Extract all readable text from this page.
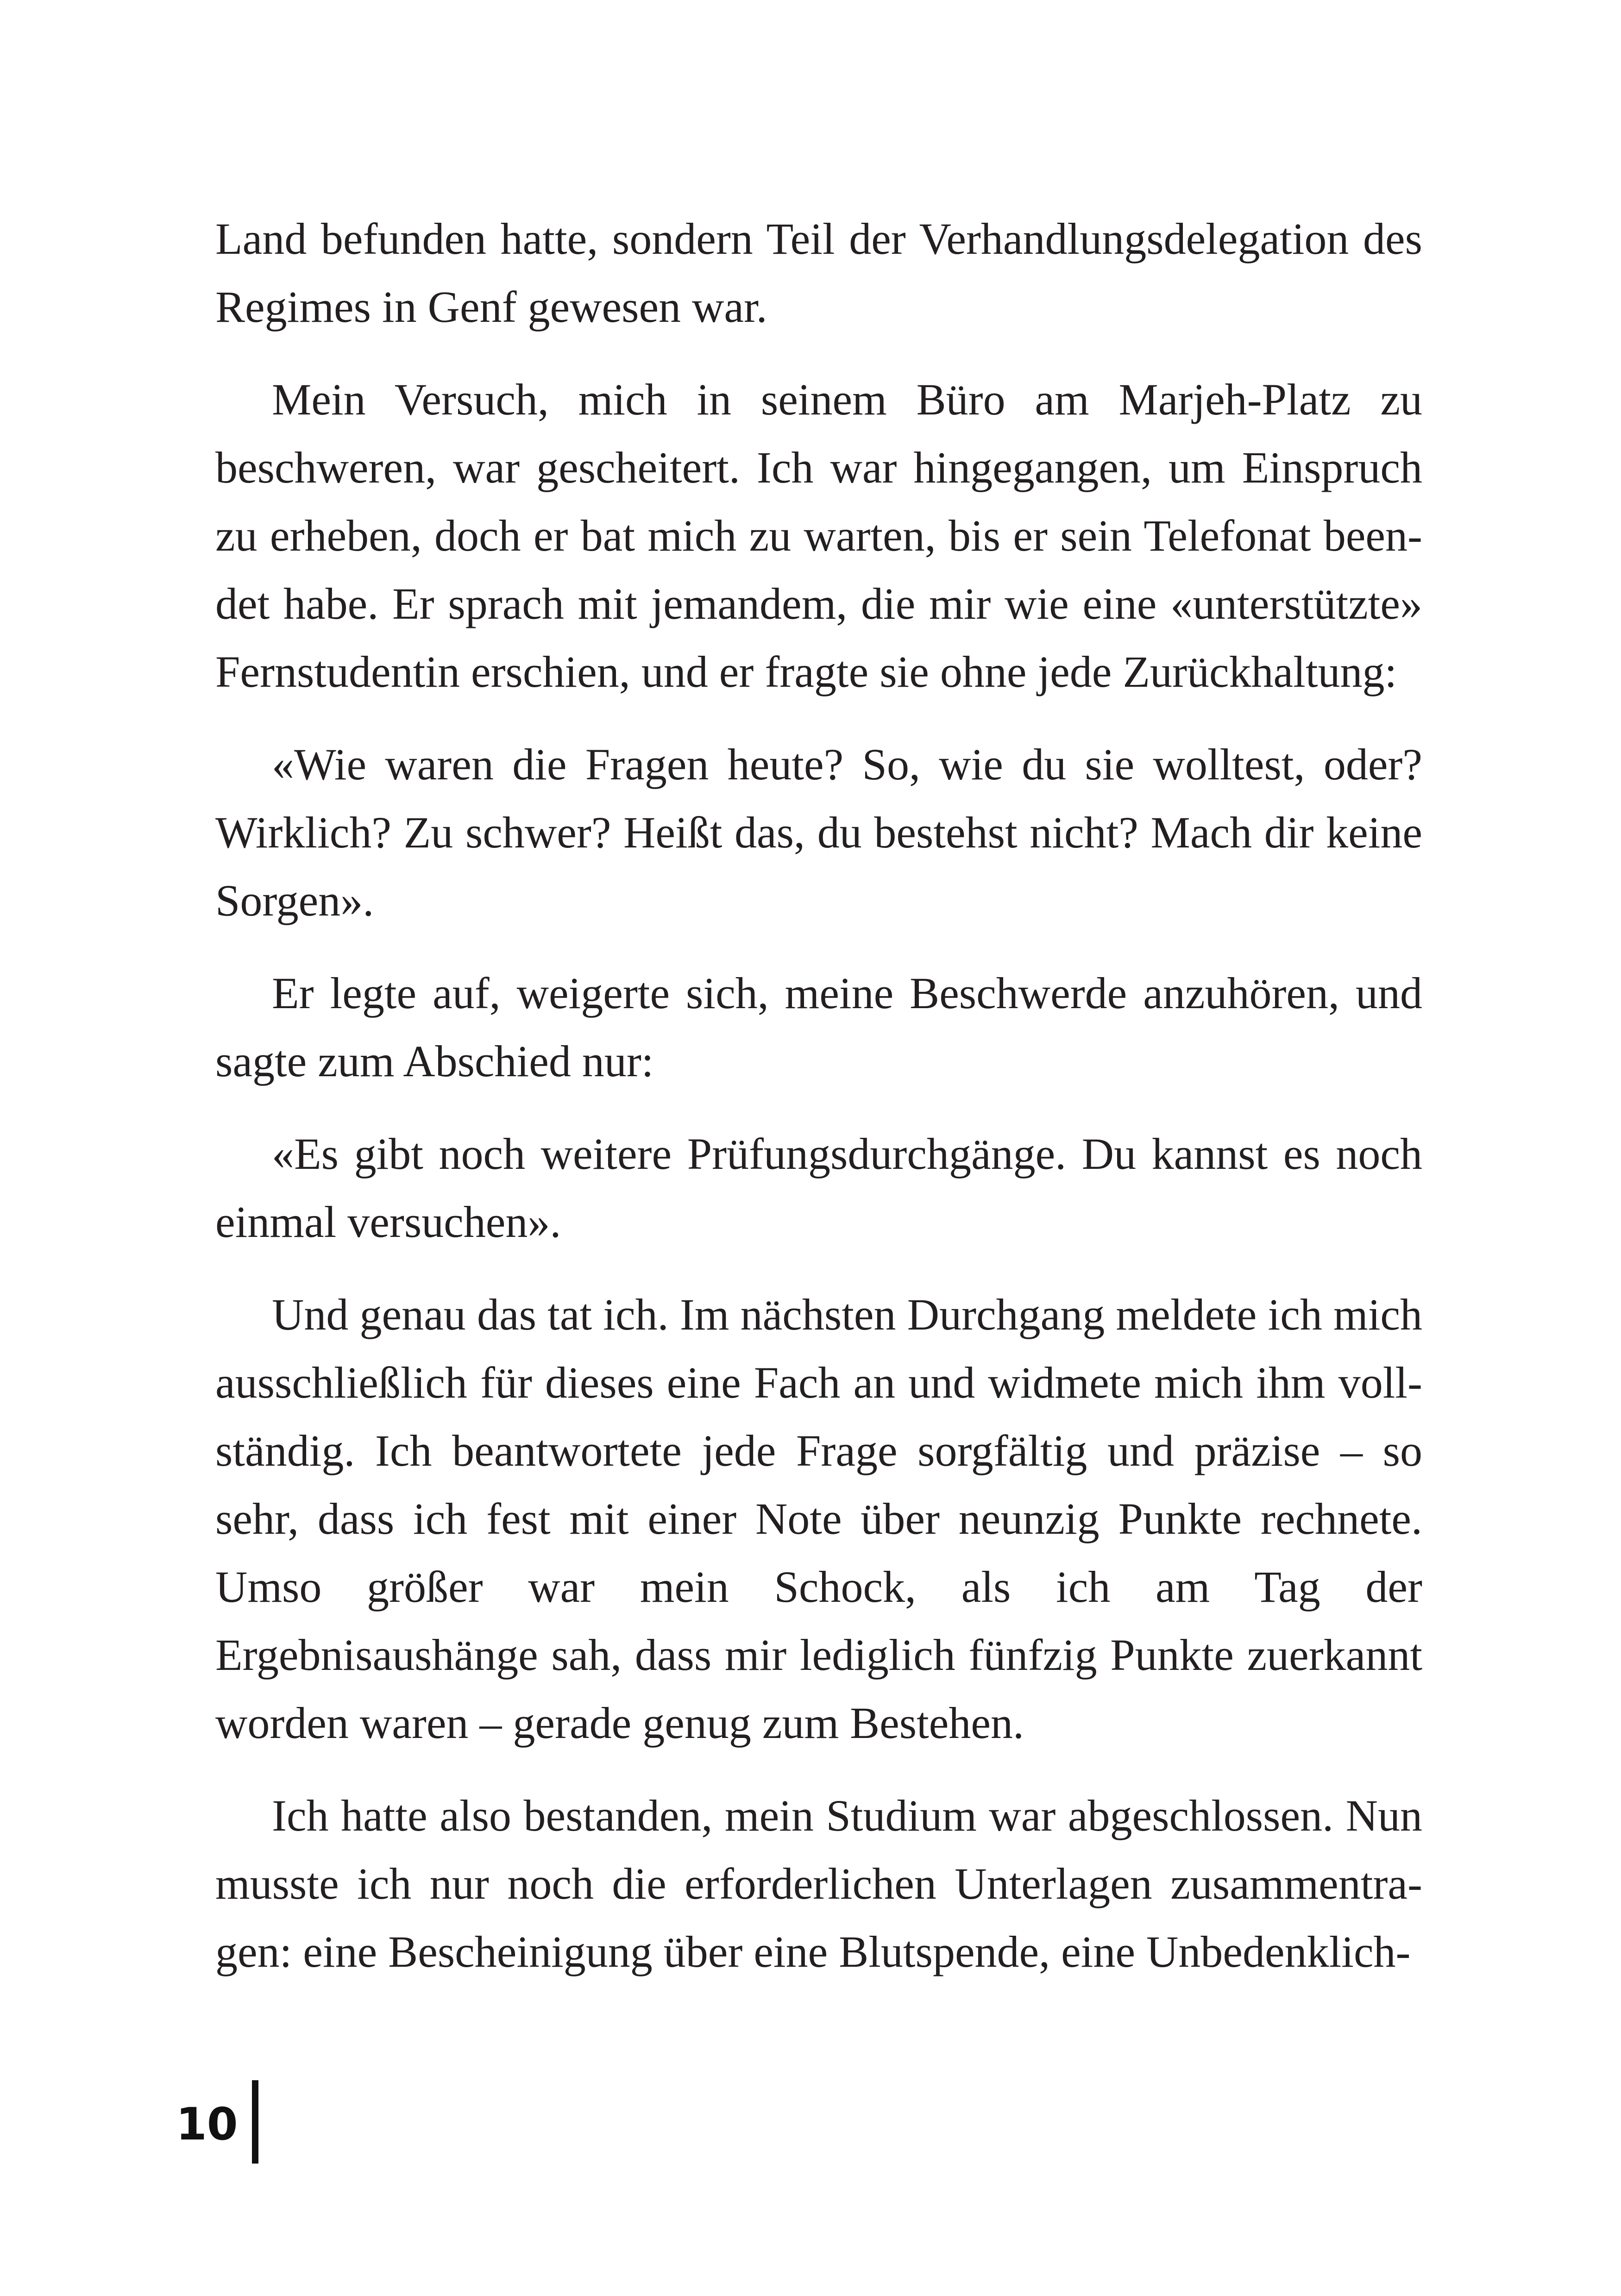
Land befunden hatte, sondern Teil der Verhandlungsdelegation des Regimes in Genf gewesen war.

Mein Versuch, mich in seinem Büro am Marjeh-Platz zu beschweren, war gescheitert. Ich war hingegangen, um Einspruch zu erheben, doch er bat mich zu warten, bis er sein Telefonat beendet habe. Er sprach mit jemandem, die mir wie eine «unterstützte» Fernstudentin erschien, und er fragte sie ohne jede Zurückhaltung:

«Wie waren die Fragen heute? So, wie du sie wolltest, oder? Wirklich? Zu schwer? Heißt das, du bestehst nicht? Mach dir keine Sorgen».

Er legte auf, weigerte sich, meine Beschwerde anzuhören, und sagte zum Abschied nur:

«Es gibt noch weitere Prüfungsdurchgänge. Du kannst es noch einmal versuchen».

Und genau das tat ich. Im nächsten Durchgang meldete ich mich ausschließlich für dieses eine Fach an und widmete mich ihm vollständig. Ich beantwortete jede Frage sorgfältig und präzise – so sehr, dass ich fest mit einer Note über neunzig Punkte rechnete. Umso größer war mein Schock, als ich am Tag der Ergebnisaushänge sah, dass mir lediglich fünfzig Punkte zuerkannt worden waren – gerade genug zum Bestehen.

Ich hatte also bestanden, mein Studium war abgeschlossen. Nun musste ich nur noch die erforderlichen Unterlagen zusammentragen: eine Bescheinigung über eine Blutspende, eine Unbedenklich-

10
